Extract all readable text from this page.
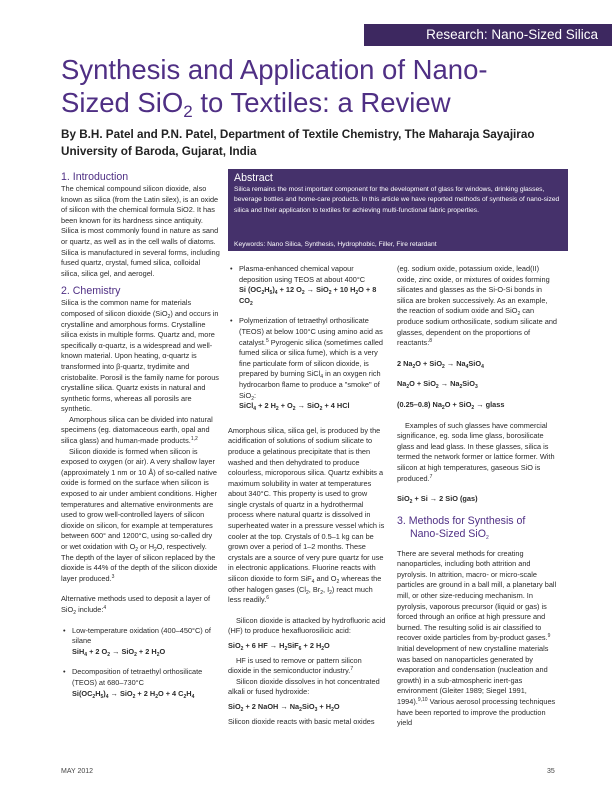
Research: Nano-Sized Silica
Synthesis and Application of Nano-
Sized SiO$_2$ to Textiles: a Review

By B.H. Patel and P.N. Patel, Department of Textile Chemistry, The Maharaja Sayajirao University of Baroda, Gujarat, India

Abstract

Silica remains the most important component for the development of glass for windows, drinking glasses, beverage bottles and home-care products. In this article we have reported methods of synthesis of nano-sized silica and their application to textiles for achieving multi-functional fabric properties.

Keywords: Nano Silica, Synthesis, Hydrophobic, Filler, Fire retardant

1. Introduction

The chemical compound silicon dioxide, also known as silica (from the Latin silex), is an oxide of silicon with the chemical formula SiO2. It has been known for its hardness since antiquity. Silica is most commonly found in nature as sand or quartz, as well as in the cell walls of diatoms. Silica is manufactured in several forms, including fused quartz, crystal, fumed silica, colloidal silica, silica gel, and aerogel.

2. Chemistry

Silica is the common name for materials composed of silicon dioxide (SiO$_2$) and occurs in crystalline and amorphous forms. Crystalline silica exists in multiple forms. Quartz and, more specifically α-quartz, is a widespread and well-known material. Upon heating, α-quartz is transformed into β-quartz, trydimite and cristobalite. Porosil is the family name for porous crystalline silica. Quartz exists in natural and synthetic forms, whereas all porosils are synthetic.

Amorphous silica can be divided into natural specimens (eg. diatomaceous earth, opal and silica glass) and human-made products.$^{1,2}$

Silicon dioxide is formed when silicon is exposed to oxygen (or air). A very shallow layer (approximately 1 nm or 10 Å) of so-called native oxide is formed on the surface when silicon is exposed to air under ambient conditions. Higher temperatures and alternative environments are used to grow well-controlled layers of silicon dioxide on silicon, for example at temperatures between 600° and 1200°C, using so-called dry or wet oxidation with $O_2$ or $H_2O$, respectively. The depth of the layer of silicon replaced by the dioxide is 44% of the depth of the silicon dioxide layer produced.$^3$

Alternative methods used to deposit a layer of SiO$_2$ include:$^4$

• Low-temperature oxidation (400–450°C) of silane

SiH$_4$ + 2 $O_2 \to SiO_2 + 2$ $H_2O$

• Decomposition of tetraethyl orthosilicate (TEOS) at 680–730°C

$Si(OC_2H_5)_4 \to SiO_2 + 2$ $H_2O + 4$ $C_2H_4$

• Plasma-enhanced chemical vapour deposition using TEOS at about 400°C

Si $(OC_2H_5)_4 + 12$ $O_2 \to SiO_2 + 10$ $H_2O + 8$ $CO_2$

• Polymerization of tetraethyl orthosilicate (TEOS) at below 100°C using amino acid as catalyst.$^5$ Pyrogenic silica (sometimes called fumed silica or silica fume), which is a very fine particulate form of silicon dioxide, is prepared by burning SiCl$_4$ in an oxygen rich hydrocarbon flame to produce a "smoke" of SiO$_2$:

SiCl$_4$ + 2 $H_2 + O_2 \to SiO_2 + 4$ HCl

Amorphous silica, silica gel, is produced by the acidification of solutions of sodium silicate to produce a gelatinous precipitate that is then washed and then dehydrated to produce colourless, microporous silica. Quartz exhibits a maximum solubility in water at temperatures about 340°C. This property is used to grow single crystals of quartz in a hydrothermal process where natural quartz is dissolved in superheated water in a pressure vessel which is cooler at the top. Crystals of 0.5–1 kg can be grown over a period of 1–2 months. These crystals are a source of very pure quartz for use in electronic applications. Fluorine reacts with silicon dioxide to form SiF$_4$ and $O_2$ whereas the other halogen gases ($Cl_2$, $Br_2$, $I_2$) react much less readily.$^6$

Silicon dioxide is attacked by hydrofluoric acid (HF) to produce hexafluorosilicic acid:

SiO$_2$ + 6 HF → $H_2SiF_6 + 2$ $H_2O$

HF is used to remove or pattern silicon dioxide in the semiconductor industry.$^7$

Silicon dioxide dissolves in hot concentrated alkali or fused hydroxide:

SiO$_2$ + 2 NaOH → $Na_2SiO_3 + H_2O$

Silicon dioxide reacts with basic metal oxides

(eg. sodium oxide, potassium oxide, lead(II) oxide, zinc oxide, or mixtures of oxides forming silicates and glasses as the Si-O-Si bonds in silica are broken successively. As an example, the reaction of sodium oxide and SiO$_2$ can produce sodium orthosilicate, sodium silicate and glasses, dependent on the proportions of reactants:$^8$

2 $Na_2O + SiO_2 \to Na_4SiO_4$

$Na_2O + SiO_2 \to Na_2SiO_3$

(0.25–0.8) $Na_2O + SiO_2$ → glass

Examples of such glasses have commercial significance, eg. soda lime glass, borosilicate glass and lead glass. In these glasses, silica is termed the network former or lattice former. With silicon at high temperatures, gaseous SiO is produced.$^7$

SiO$_2$ + Si → 2 SiO (gas)

3. Methods for Synthesis of
Nano-Sized SiO$_2$

There are several methods for creating nanoparticles, including both attrition and pyrolysis. In attrition, macro- or micro-scale particles are ground in a ball mill, a planetary ball mill, or other size-reducing mechanism. In pyrolysis, vaporous precursor (liquid or gas) is forced through an orifice at high pressure and burned. The resulting solid is air classified to recover oxide particles from by-product gases.$^9$

Initial development of new crystalline materials was based on nanoparticles generated by evaporation and condensation (nucleation and growth) in a sub-atmospheric inert-gas environment (Gleiter 1989; Siegel 1991, 1994).$^{9,10}$ Various aerosol processing techniques have been reported to improve the production yield

MAY 2012	35
